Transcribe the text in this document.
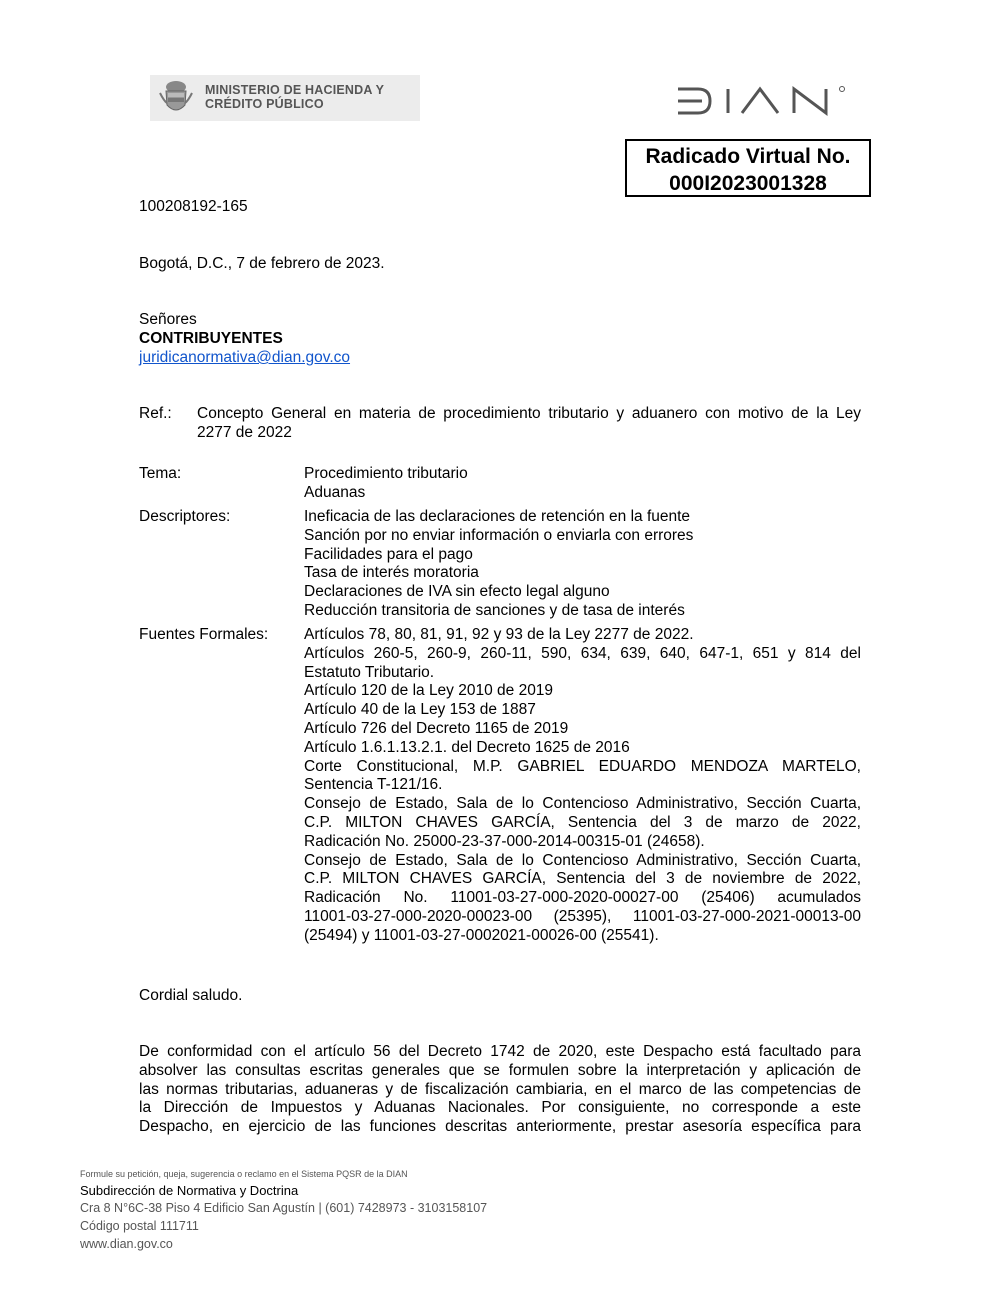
MINISTERIO DE HACIENDA Y
CRÉDITO PÚBLICO
Radicado Virtual No.
000I2023001328
100208192-165
Bogotá, D.C., 7 de febrero de 2023.
Señores
CONTRIBUYENTES
juridicanormativa@dian.gov.co
Ref.: Concepto General en materia de procedimiento tributario y aduanero con motivo de la Ley
2277 de 2022
Tema:	Procedimiento tributario
Aduanas
Descriptores:	Ineficacia de las declaraciones de retención en la fuente
Sanción por no enviar información o enviarla con errores
Facilidades para el pago
Tasa de interés moratoria
Declaraciones de IVA sin efecto legal alguno
Reducción transitoria de sanciones y de tasa de interés
Fuentes Formales: Artículos 78, 80, 81, 91, 92 y 93 de la Ley 2277 de 2022.
Artículos 260-5, 260-9, 260-11, 590, 634, 639, 640, 647-1, 651 y 814 del
Estatuto Tributario.
Artículo 120 de la Ley 2010 de 2019
Artículo 40 de la Ley 153 de 1887
Artículo 726 del Decreto 1165 de 2019
Artículo 1.6.1.13.2.1. del Decreto 1625 de 2016
Corte Constitucional, M.P. GABRIEL EDUARDO MENDOZA MARTELO,
Sentencia T-121/16.
Consejo de Estado, Sala de lo Contencioso Administrativo, Sección Cuarta,
C.P. MILTON CHAVES GARCÍA, Sentencia del 3 de marzo de 2022,
Radicación No. 25000-23-37-000-2014-00315-01 (24658).
Consejo de Estado, Sala de lo Contencioso Administrativo, Sección Cuarta,
C.P. MILTON CHAVES GARCÍA, Sentencia del 3 de noviembre de 2022,
Radicación No. 11001-03-27-000-2020-00027-00 (25406) acumulados
11001-03-27-000-2020-00023-00 (25395), 11001-03-27-000-2021-00013-00
(25494) y 11001-03-27-0002021-00026-00 (25541).
Cordial saludo.
De conformidad con el artículo 56 del Decreto 1742 de 2020, este Despacho está facultado para
absolver las consultas escritas generales que se formulen sobre la interpretación y aplicación de
las normas tributarias, aduaneras y de fiscalización cambiaria, en el marco de las competencias de
la Dirección de Impuestos y Aduanas Nacionales. Por consiguiente, no corresponde a este
Despacho, en ejercicio de las funciones descritas anteriormente, prestar asesoría específica para
Formule su petición, queja, sugerencia o reclamo en el Sistema PQSR de la DIAN
Subdirección de Normativa y Doctrina
Cra 8 N°6C-38 Piso 4 Edificio San Agustín | (601) 7428973 - 3103158107
Código postal 111711
www.dian.gov.co
